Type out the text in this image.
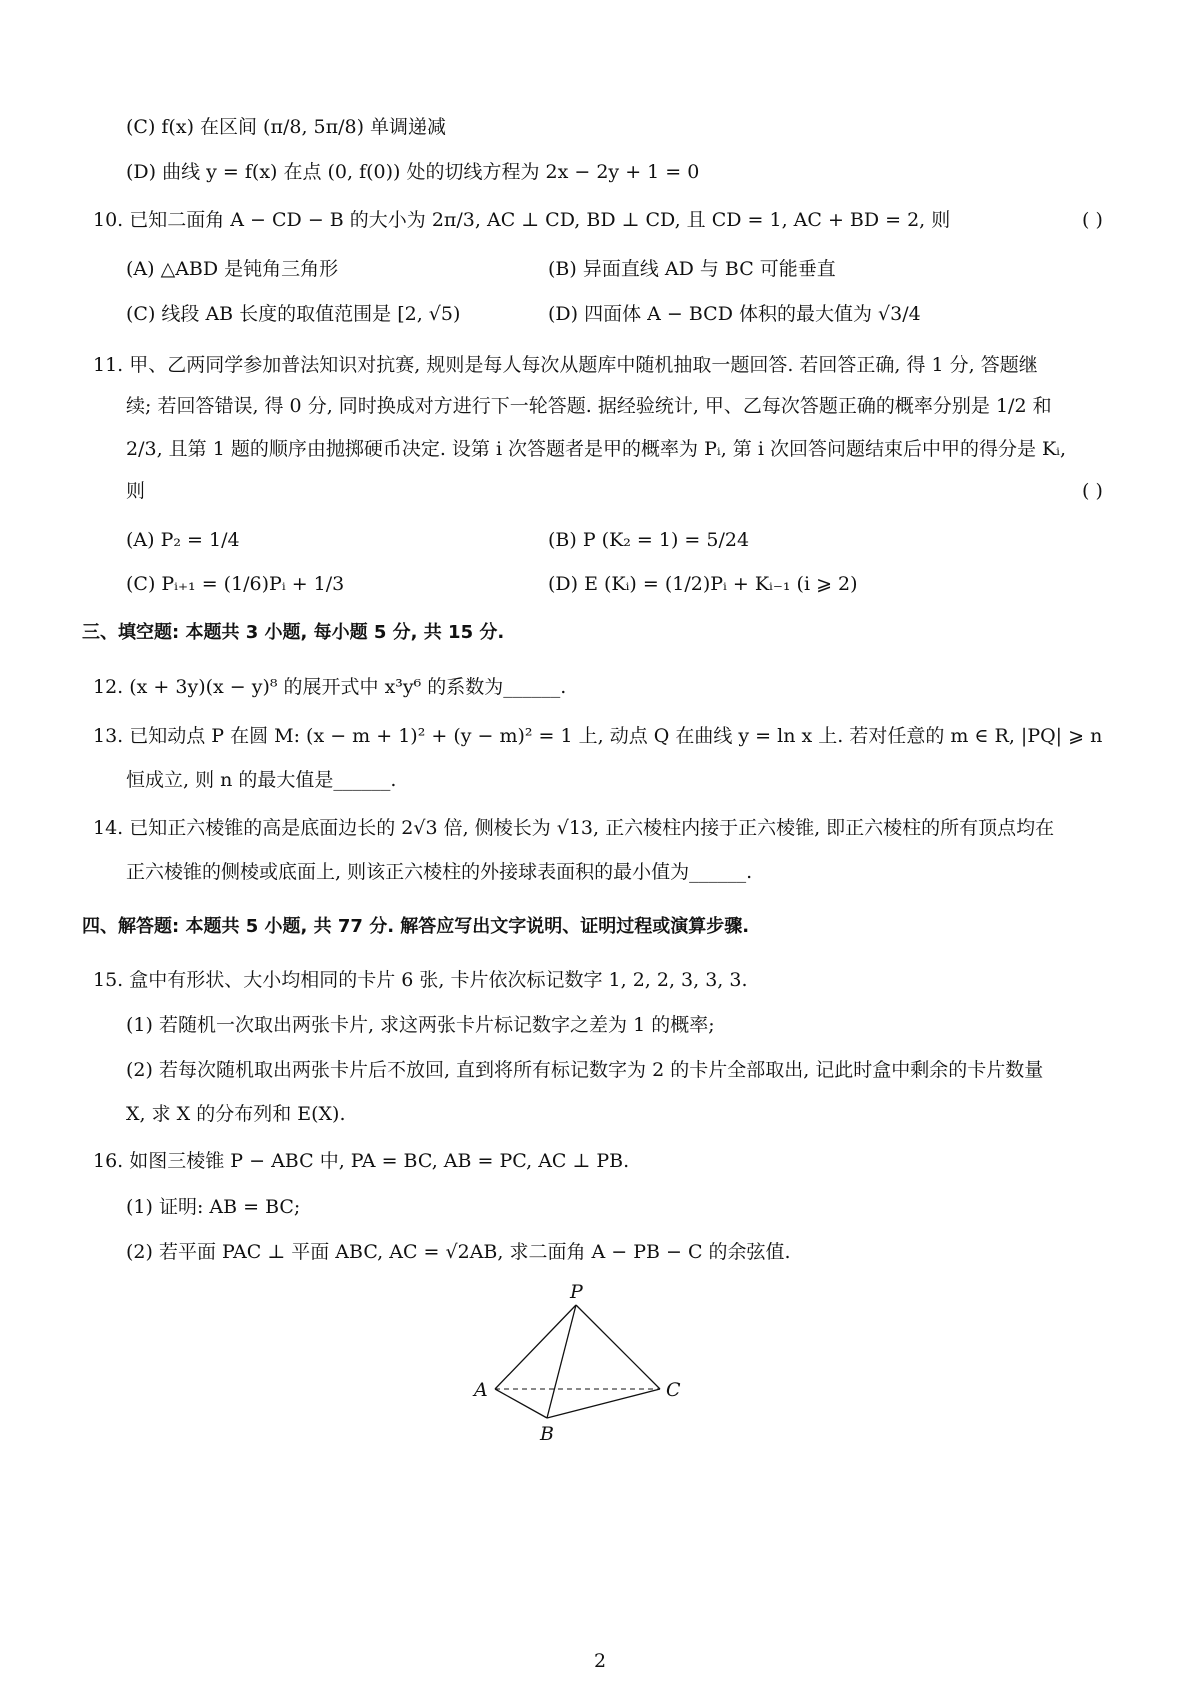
(C) f(x) 在区间 (π/8, 5π/8) 单调递减
(D) 曲线 y = f(x) 在点 (0, f(0)) 处的切线方程为 2x − 2y + 1 = 0
10. 已知二面角 A − CD − B 的大小为 2π/3, AC ⊥ CD, BD ⊥ CD, 且 CD = 1, AC + BD = 2, 则	( )
(A) △ABD 是钝角三角形	(B) 异面直线 AD 与 BC 可能垂直
(C) 线段 AB 长度的取值范围是 [2, √5)	(D) 四面体 A − BCD 体积的最大值为 √3/4
11. 甲、乙两同学参加普法知识对抗赛, 规则是每人每次从题库中随机抽取一题回答. 若回答正确, 得 1 分, 答题继
续; 若回答错误, 得 0 分, 同时换成对方进行下一轮答题. 据经验统计, 甲、乙每次答题正确的概率分别是 1/2 和
2/3, 且第 1 题的顺序由抛掷硬币决定. 设第 i 次答题者是甲的概率为 Pᵢ, 第 i 次回答问题结束后中甲的得分是 Kᵢ,
则	( )
(A) P₂ = 1/4	(B) P (K₂ = 1) = 5/24
(C) Pᵢ₊₁ = (1/6)Pᵢ + 1/3	(D) E (Kᵢ) = (1/2)Pᵢ + Kᵢ₋₁ (i ⩾ 2)
三、填空题: 本题共 3 小题, 每小题 5 分, 共 15 分.
12. (x + 3y)(x − y)⁸ 的展开式中 x³y⁶ 的系数为______.
13. 已知动点 P 在圆 M: (x − m + 1)² + (y − m)² = 1 上, 动点 Q 在曲线 y = ln x 上. 若对任意的 m ∈ R, |PQ| ⩾ n
恒成立, 则 n 的最大值是______.
14. 已知正六棱锥的高是底面边长的 2√3 倍, 侧棱长为 √13, 正六棱柱内接于正六棱锥, 即正六棱柱的所有顶点均在
正六棱锥的侧棱或底面上, 则该正六棱柱的外接球表面积的最小值为______.
四、解答题: 本题共 5 小题, 共 77 分. 解答应写出文字说明、证明过程或演算步骤.
15. 盒中有形状、大小均相同的卡片 6 张, 卡片依次标记数字 1, 2, 2, 3, 3, 3.
(1) 若随机一次取出两张卡片, 求这两张卡片标记数字之差为 1 的概率;
(2) 若每次随机取出两张卡片后不放回, 直到将所有标记数字为 2 的卡片全部取出, 记此时盒中剩余的卡片数量
X, 求 X 的分布列和 E(X).
16. 如图三棱锥 P − ABC 中, PA = BC, AB = PC, AC ⊥ PB.
(1) 证明: AB = BC;
(2) 若平面 PAC ⊥ 平面 ABC, AC = √2AB, 求二面角 A − PB − C 的余弦值.
P
A	C
B
2
